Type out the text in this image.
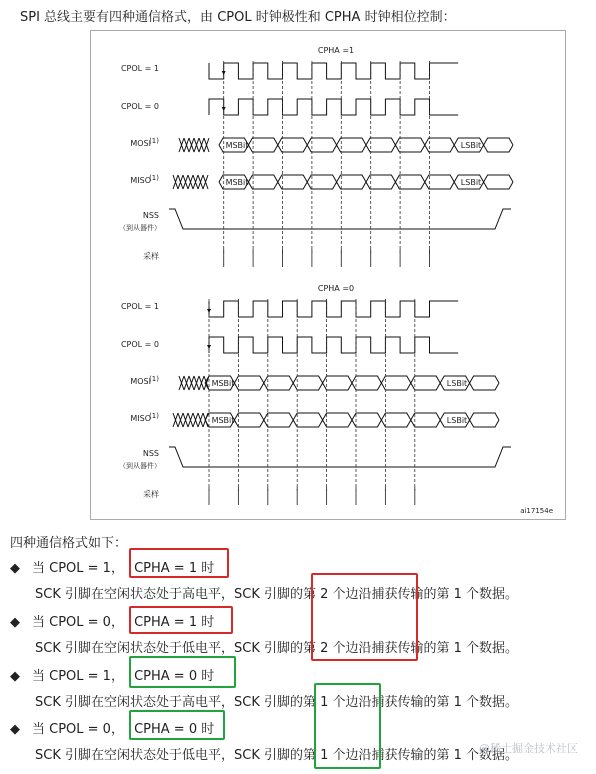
SPI 总线主要有四种通信格式，由 CPOL 时钟极性和 CPHA 时钟相位控制：
CPHA =1
CPOL = 1
CPOL = 0
MOSI
(1)
MISO
(1)
NSS
（到从器件）
采样
MSBit	LSBit
MSBit	LSBit
CPHA =0
CPOL = 1
CPOL = 0
MOSI
(1)
MISO
(1)
NSS
（到从器件）
采样
MSBit	LSBit
MSBit	LSBit
ai17154e
四种通信格式如下：
◆ 当 CPOL = 1， CPHA = 1 时
SCK 引脚在空闲状态处于高电平，SCK 引脚的第 2 个边沿捕获传输的第 1 个数据。
◆ 当 CPOL = 0， CPHA = 1 时
SCK 引脚在空闲状态处于低电平，SCK 引脚的第 2 个边沿捕获传输的第 1 个数据。
◆ 当 CPOL = 1， CPHA = 0 时
SCK 引脚在空闲状态处于高电平，SCK 引脚的第 1 个边沿捕获传输的第 1 个数据。
◆ 当 CPOL = 0， CPHA = 0 时
SCK 引脚在空闲状态处于低电平，SCK 引脚的第 1 个边沿捕获传输的第 1 个数据。
@稀土掘金技术社区
